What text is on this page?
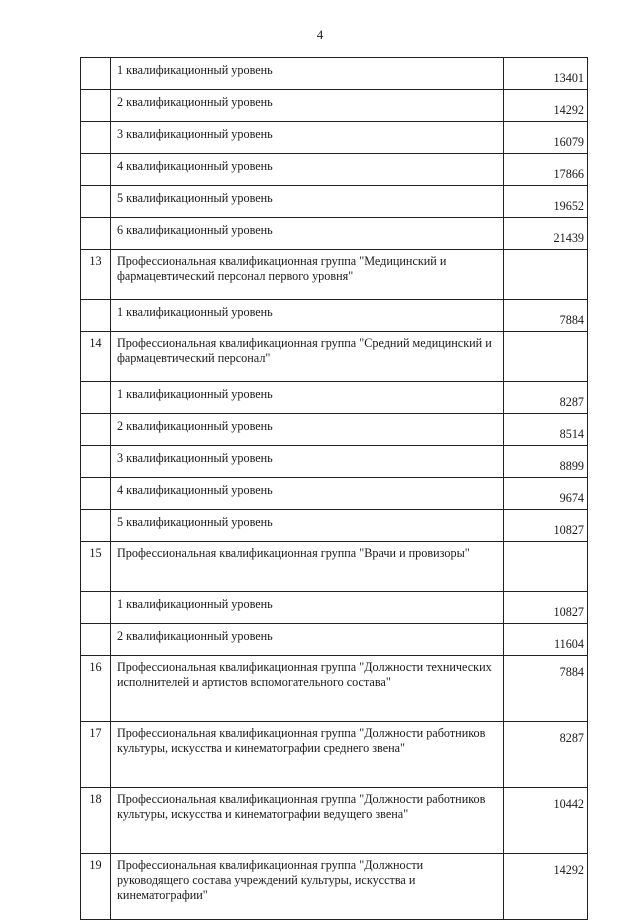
4
	1 квалификационный уровень	13401
	2 квалификационный уровень	14292
	3 квалификационный уровень	16079
	4 квалификационный уровень	17866
	5 квалификационный уровень	19652
	6 квалификационный уровень	21439
13	Профессиональная квалификационная группа "Медицинский и фармацевтический персонал первого уровня"	
	1 квалификационный уровень	7884
14	Профессиональная квалификационная группа "Средний медицинский и фармацевтический персонал"	
	1 квалификационный уровень	8287
	2 квалификационный уровень	8514
	3 квалификационный уровень	8899
	4 квалификационный уровень	9674
	5 квалификационный уровень	10827
15	Профессиональная квалификационная группа "Врачи и провизоры"	
	1 квалификационный уровень	10827
	2 квалификационный уровень	11604
16	Профессиональная квалификационная группа "Должности технических исполнителей и артистов вспомогательного состава"	7884
17	Профессиональная квалификационная группа "Должности работников культуры, искусства и кинематографии среднего звена"	8287
18	Профессиональная квалификационная группа "Должности работников культуры, искусства и кинематографии ведущего звена"	10442
19	Профессиональная квалификационная группа "Должности руководящего состава учреждений культуры, искусства и кинематографии"	14292
